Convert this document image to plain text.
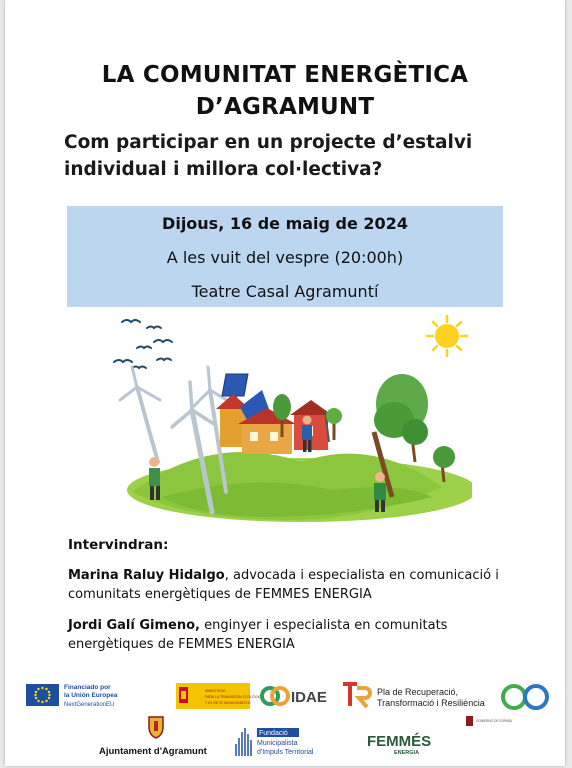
LA COMUNITAT ENERGÈTICA
D’AGRAMUNT
Com participar en un projecte d’estalvi
individual i millora col·lectiva?
Dijous, 16 de maig de 2024
A les vuit del vespre (20:00h)
Teatre Casal Agramuntí
Intervindran:
Marina Raluy Hidalgo, advocada i especialista en comunicació i
comunitats energètiques de FEMMES ENERGIA
Jordi Galí Gimeno, enginyer i especialista en comunitats
energètiques de FEMMES ENERGIA
Financiado por
la Unión Europea
NextGenerationEU
MINISTERIO
PARA LA TRANSICIÓN ECOLÓGICA
Y EL RETO DEMOGRÁFICO	IDAE	Pla de Recuperació,
Transformació i Resiliència
GOBIERNO DE ESPAÑA
Ajuntament d'Agramunt
Fundació
Municipalista
d'Impuls Territorial
FEMMÉS
ENERGIA
